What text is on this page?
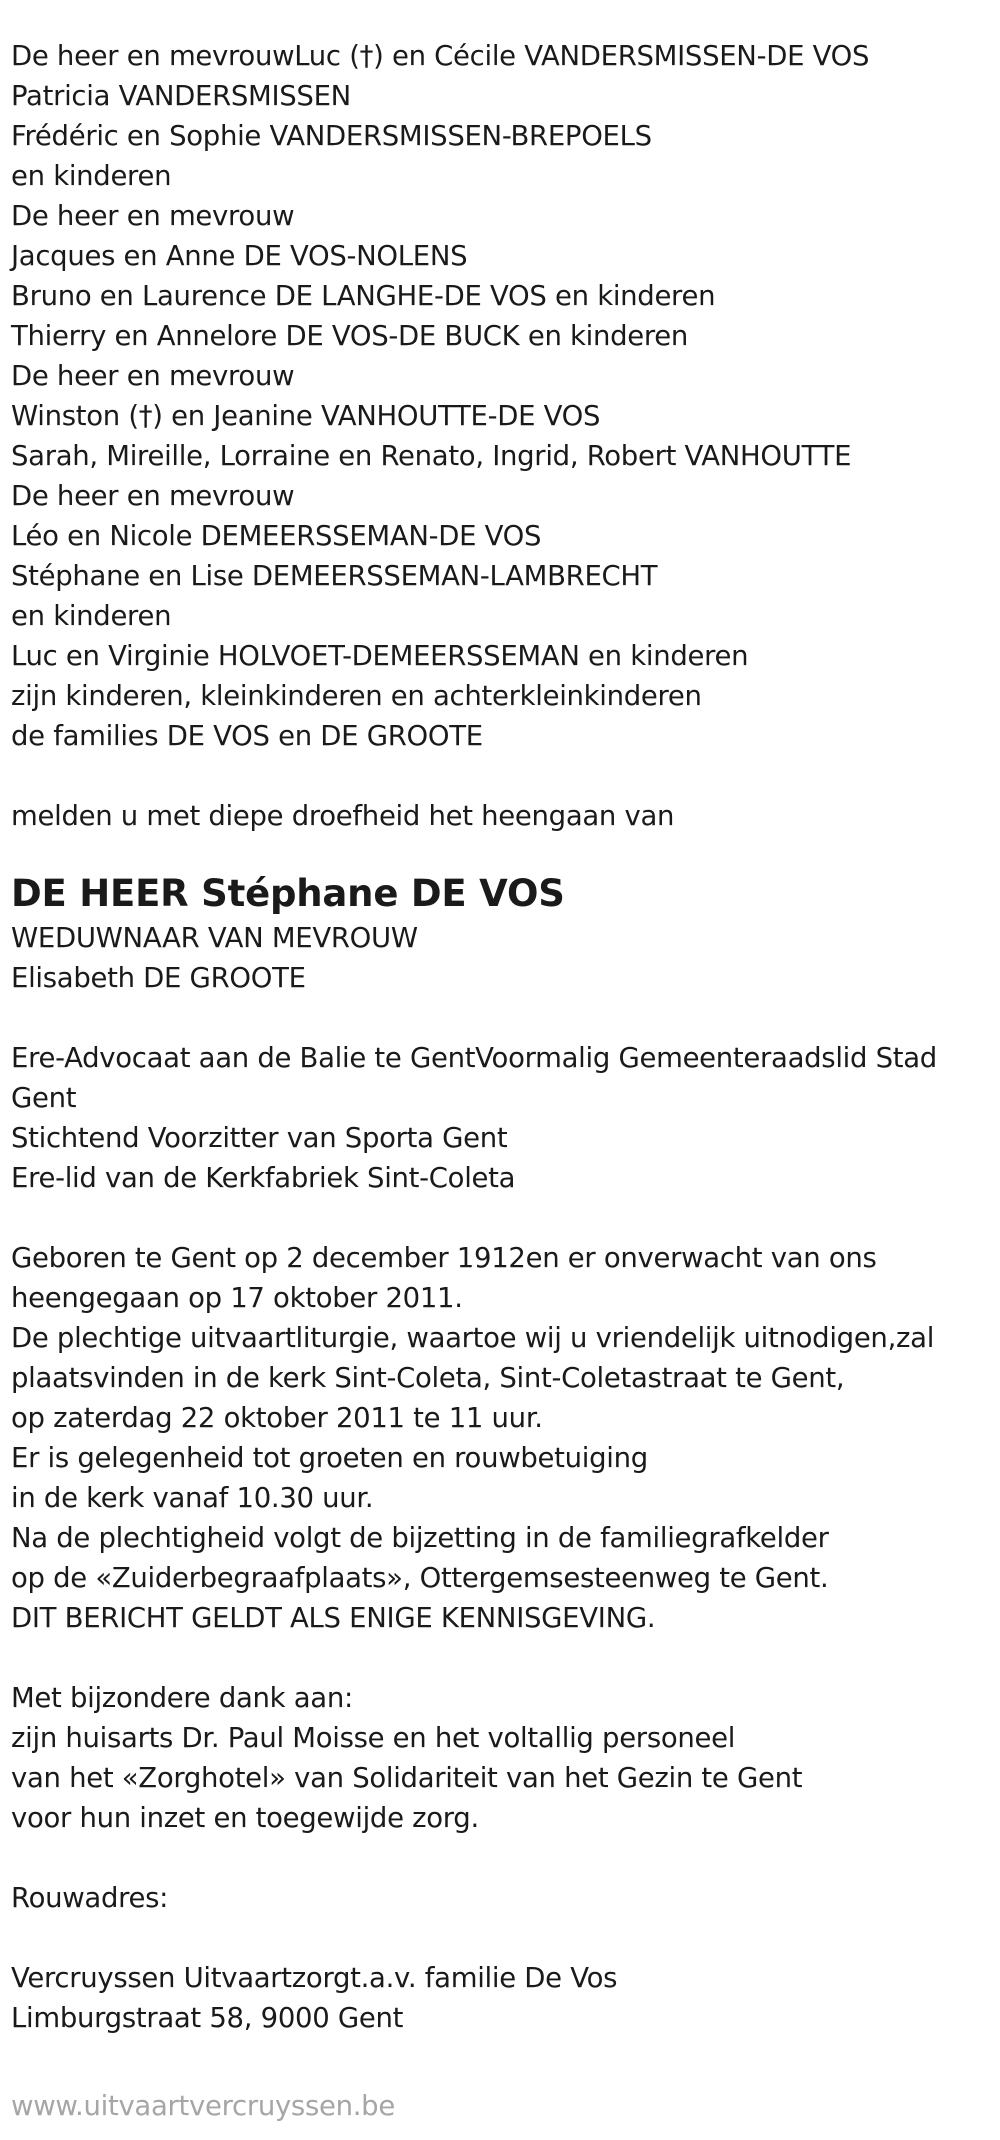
De heer en mevrouwLuc (†) en Cécile VANDERSMISSEN-DE VOS
Patricia VANDERSMISSEN
Frédéric en Sophie VANDERSMISSEN-BREPOELS
en kinderen
De heer en mevrouw
Jacques en Anne DE VOS-NOLENS
Bruno en Laurence DE LANGHE-DE VOS en kinderen
Thierry en Annelore DE VOS-DE BUCK en kinderen
De heer en mevrouw
Winston (†) en Jeanine VANHOUTTE-DE VOS
Sarah, Mireille, Lorraine en Renato, Ingrid, Robert VANHOUTTE
De heer en mevrouw
Léo en Nicole DEMEERSSEMAN-DE VOS
Stéphane en Lise DEMEERSSEMAN-LAMBRECHT
en kinderen
Luc en Virginie HOLVOET-DEMEERSSEMAN en kinderen
zijn kinderen, kleinkinderen en achterkleinkinderen
de families DE VOS en DE GROOTE
melden u met diepe droefheid het heengaan van
DE HEER Stéphane DE VOS
WEDUWNAAR VAN MEVROUW
Elisabeth DE GROOTE
Ere-Advocaat aan de Balie te GentVoormalig Gemeenteraadslid Stad
Gent
Stichtend Voorzitter van Sporta Gent
Ere-lid van de Kerkfabriek Sint-Coleta
Geboren te Gent op 2 december 1912en er onverwacht van ons
heengegaan op 17 oktober 2011.
De plechtige uitvaartliturgie, waartoe wij u vriendelijk uitnodigen,zal
plaatsvinden in de kerk Sint-Coleta, Sint-Coletastraat te Gent,
op zaterdag 22 oktober 2011 te 11 uur.
Er is gelegenheid tot groeten en rouwbetuiging
in de kerk vanaf 10.30 uur.
Na de plechtigheid volgt de bijzetting in de familiegrafkelder
op de «Zuiderbegraafplaats», Ottergemsesteenweg te Gent.
DIT BERICHT GELDT ALS ENIGE KENNISGEVING.
Met bijzondere dank aan:
zijn huisarts Dr. Paul Moisse en het voltallig personeel
van het «Zorghotel» van Solidariteit van het Gezin te Gent
voor hun inzet en toegewijde zorg.
Rouwadres:
Vercruyssen Uitvaartzorgt.a.v. familie De Vos
Limburgstraat 58, 9000 Gent
www.uitvaartvercruyssen.be
